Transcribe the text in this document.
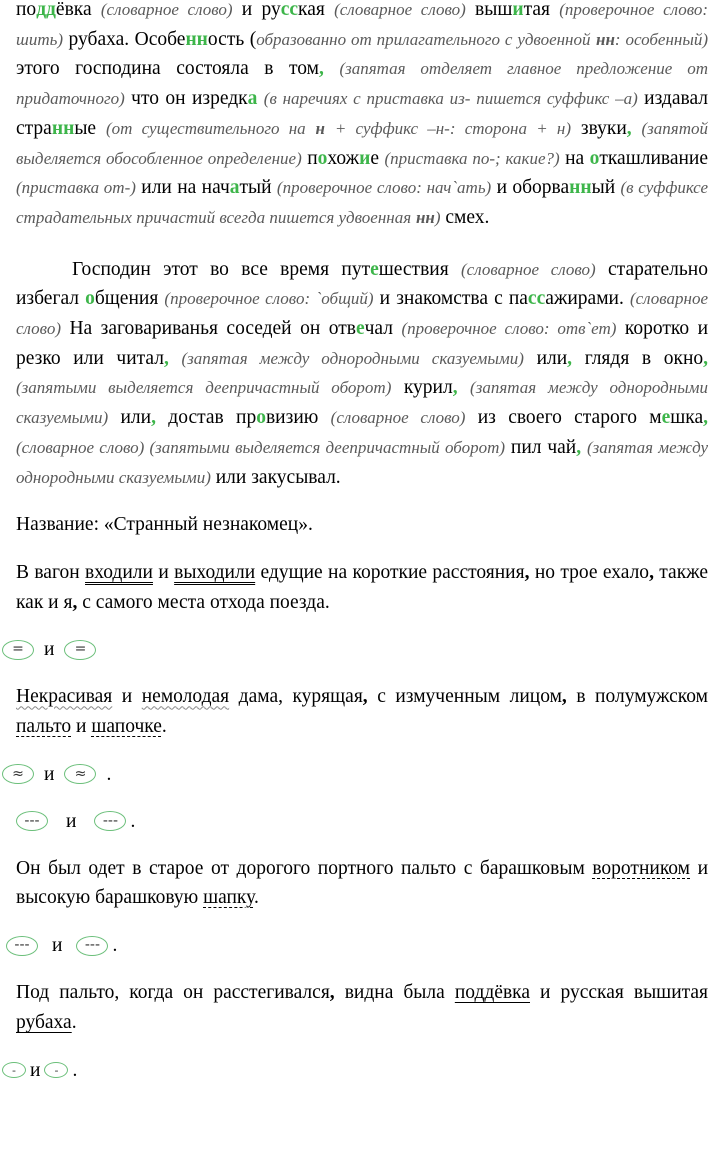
поддёвка (словарное слово) и русская (словарное слово) вышитая (проверочное слово: шить) рубаха. Особенность (образованно от прилагательного с удвоенной нн: особенный) этого господина состояла в том, (запятая отделяет главное предложение от придаточного) что он изредка (в наречиях с приставка из- пишется суффикс –а) издавал странные (от существительного на н + суффикс –н-: сторона + н) звуки, (запятой выделяется обособленное определение) похожие (приставка по-; какие?) на откашливание (приставка от-) или на начатый (проверочное слово: нач`ать) и оборванный (в суффиксе страдательных причастий всегда пишется удвоенная нн) смех.

Господин этот во все время путешествия (словарное слово) старательно избегал общения (проверочное слово: `общий) и знакомства с пассажирами. (словарное слово) На заговариванья соседей он отвечал (проверочное слово: отв`ет) коротко и резко или читал, (запятая между однородными сказуемыми) или, глядя в окно, (запятыми выделяется деепричастный оборот) курил, (запятая между однородными сказуемыми) или, достав провизию (словарное слово) из своего старого мешка, (словарное слово) (запятыми выделяется деепричастный оборот) пил чай, (запятая между однородными сказуемыми) или закусывал.

Название: «Странный незнакомец».

В вагон входили и выходили едущие на короткие расстояния, но трое ехало, также как и я, с самого места отхода поезда.

=	и	=

Некрасивая и немолодая дама, курящая, с измученным лицом, в полумужском пальто и шапочке.

≈	и	≈	.
---	и	--- .

Он был одет в старое от дорогого портного пальто с барашковым воротником и высокую барашковую шапку.

---	и	--- .

Под пальто, когда он расстегивался, видна была поддёвка и русская вышитая рубаха.

- и	- .
